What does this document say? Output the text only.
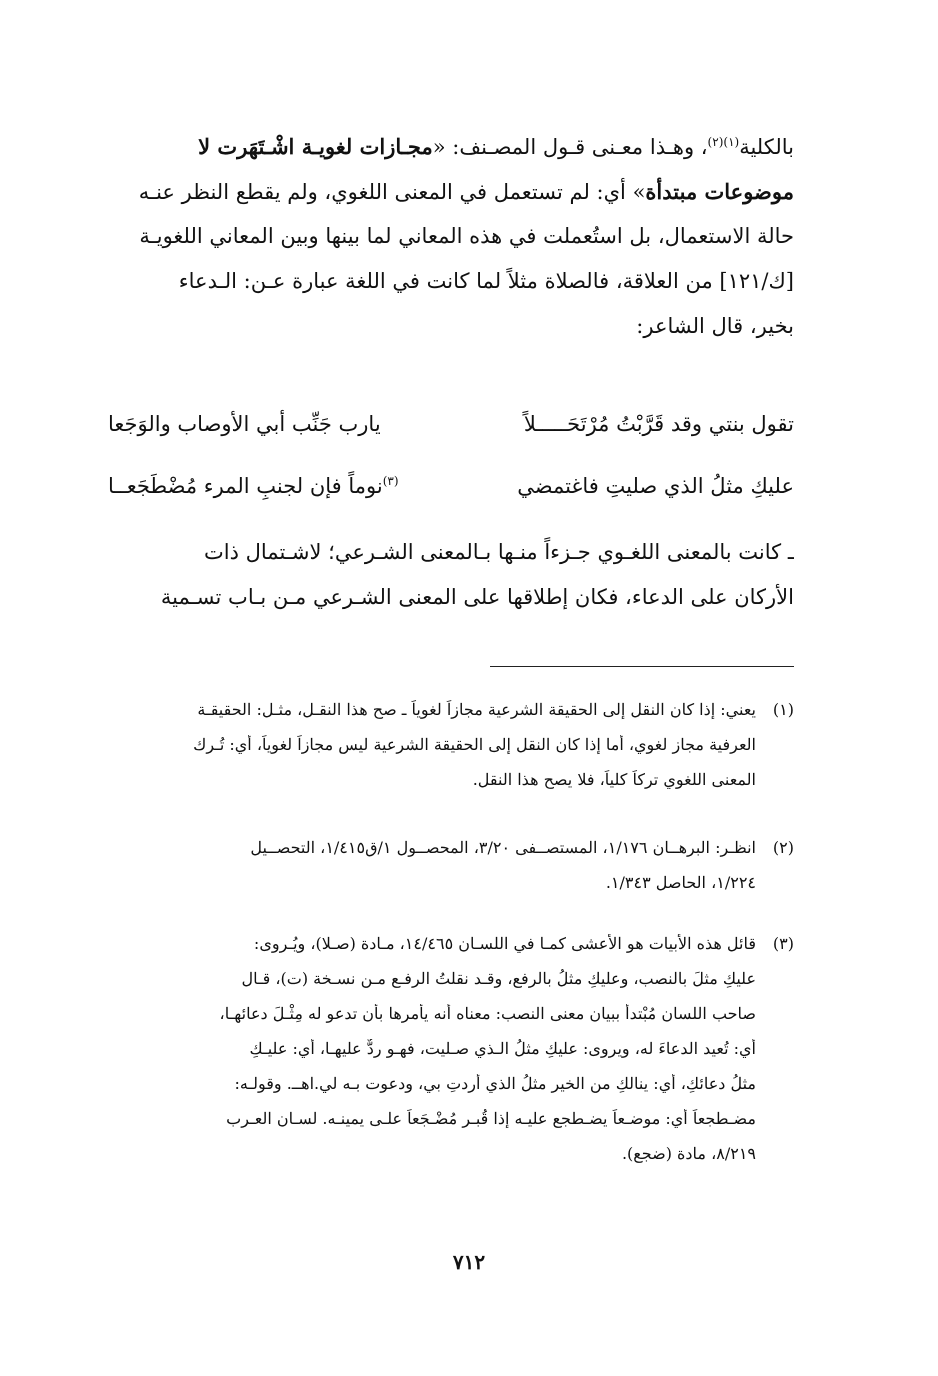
بالكلية$^{(١)(٢)}$، وهـذا معـنى قـول المصـنف: «مجـازات لغويـة اشْـتَهَرت لا
موضوعات مبتدأة» أي: لم تستعمل في المعنى اللغوي، ولم يقطع النظر عنـه
حالة الاستعمال، بل استُعملت في هذه المعاني لما بينها وبين المعاني اللغويـة
[ك/١٢١] من العلاقة، فالصلاة مثلاً لما كانت في اللغة عبارة عـن: الـدعاء
بخير، قال الشاعر:
تقول بنتي وقد قَرَّبْتُ مُرْتَحَـــــلاً
يارب جَنِّب أبي الأوصاب والوَجَعا
عليكِ مثلُ الذي صليتِ فاغتمضي
$^{(٣)}$نوماً فإن لجنبِ المرء مُضْطَجَعــا
ـ كانت بالمعنى اللغـوي جـزءاً منـها بـالمعنى الشـرعي؛ لاشـتمال ذات
الأركان على الدعاء، فكان إطلاقها على المعنى الشـرعي مـن بـاب تسـمية
(١)
يعني: إذا كان النقل إلى الحقيقة الشرعية مجازاً لغوياً ـ صح هذا النقـل، مثـل: الحقيقـة
العرفية مجاز لغوي، أما إذا كان النقل إلى الحقيقة الشرعية ليس مجازاً لغوياً، أي: تُـرك
المعنى اللغوي تركاً كلياً، فلا يصح هذا النقل.
(٢)
انظـر: البرهــان ١/١٧٦، المستصــفى ٣/٢٠، المحصــول ١/ق١/٤١٥، التحصــيل
١/٢٢٤، الحاصل ١/٣٤٣.
(٣)
قائل هذه الأبيات هو الأعشى كمـا في اللسـان ١٤/٤٦٥، مـادة (صـلا)، ويُـروى:
عليكِ مثلَ بالنصب، وعليكِ مثلُ بالرفع، وقـد نقلتُ الرفـع مـن نسـخة (ت)، قـال
صاحب اللسان مُبْتدأ ببيان معنى النصب: معناه أنه يأمرها بأن تدعو له مِثْـلَ دعائهـا،
أي: تُعيد الدعاءَ له، ويروى: عليكِ مثلُ الـذي صـليت، فهـو ردٌّ عليهـا، أي: عليـكِ
مثلُ دعائكِ، أي: ينالكِ من الخير مثلُ الذي أردتِ بي، ودعوت بـه لي.اهــ. وقولـه:
مضـطجعاً أي: موضـعاً يضـطجع عليـه إذا قُبـر مُضْـجَعاً علـى يمينـه. لسـان العـرب
٨/٢١٩، مادة (ضجع).
٧١٢
